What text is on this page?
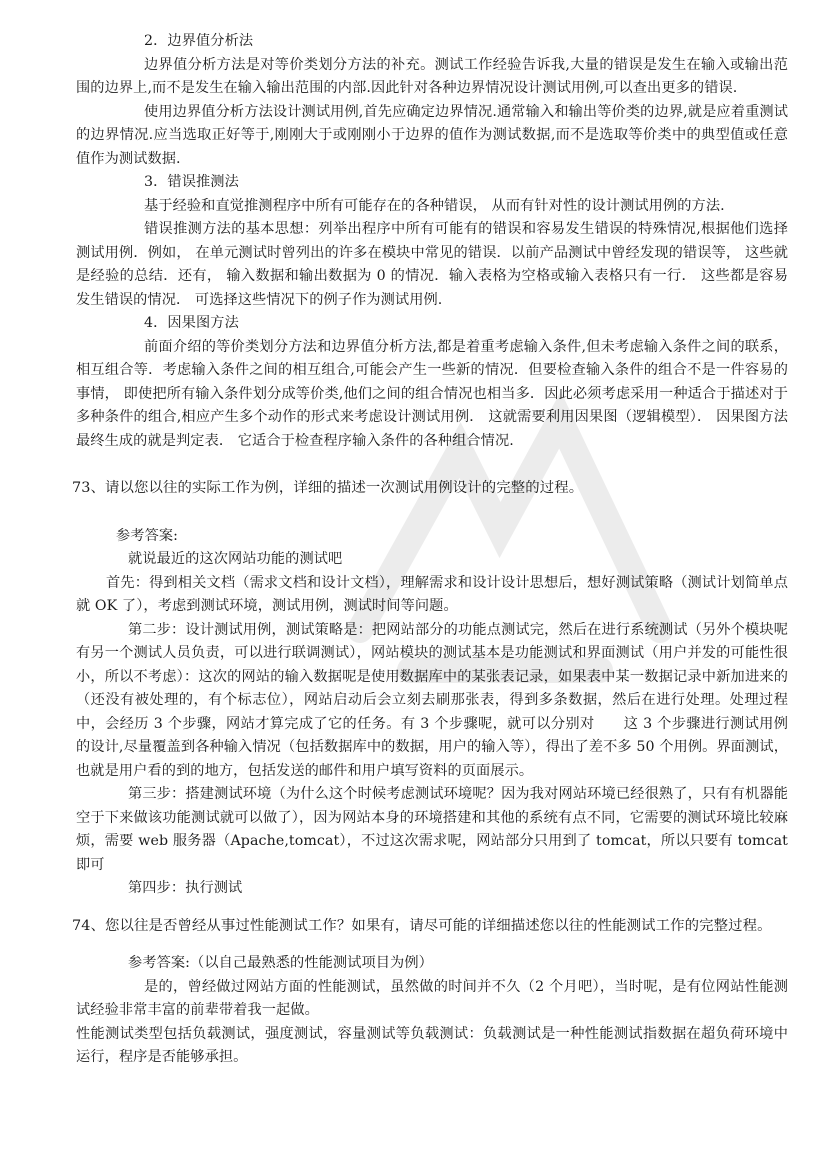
2．边界值分析法

边界值分析方法是对等价类划分方法的补充。测试工作经验告诉我,大量的错误是发生在输入或输出范围的边界上,而不是发生在输入输出范围的内部.因此针对各种边界情况设计测试用例,可以查出更多的错误.

使用边界值分析方法设计测试用例,首先应确定边界情况.通常输入和输出等价类的边界,就是应着重测试的边界情况.应当选取正好等于,刚刚大于或刚刚小于边界的值作为测试数据,而不是选取等价类中的典型值或任意值作为测试数据.

3．错误推测法

基于经验和直觉推测程序中所有可能存在的各种错误， 从而有针对性的设计测试用例的方法.

错误推测方法的基本思想：列举出程序中所有可能有的错误和容易发生错误的特殊情况,根据他们选择测试用例．例如， 在单元测试时曾列出的许多在模块中常见的错误．以前产品测试中曾经发现的错误等， 这些就是经验的总结．还有， 输入数据和输出数据为 0 的情况．输入表格为空格或输入表格只有一行． 这些都是容易发生错误的情况． 可选择这些情况下的例子作为测试用例.

4．因果图方法

前面介绍的等价类划分方法和边界值分析方法,都是着重考虑输入条件,但未考虑输入条件之间的联系， 相互组合等．考虑输入条件之间的相互组合,可能会产生一些新的情况．但要检查输入条件的组合不是一件容易的事情， 即使把所有输入条件划分成等价类,他们之间的组合情况也相当多．因此必须考虑采用一种适合于描述对于多种条件的组合,相应产生多个动作的形式来考虑设计测试用例． 这就需要利用因果图（逻辑模型）． 因果图方法最终生成的就是判定表． 它适合于检查程序输入条件的各种组合情况.

73、请以您以往的实际工作为例，详细的描述一次测试用例设计的完整的过程。

参考答案:

就说最近的这次网站功能的测试吧

首先：得到相关文档（需求文档和设计文档），理解需求和设计设计思想后，想好测试策略（测试计划简单点就 OK 了），考虑到测试环境，测试用例，测试时间等问题。

第二步：设计测试用例，测试策略是：把网站部分的功能点测试完，然后在进行系统测试（另外个模块呢有另一个测试人员负责，可以进行联调测试），网站模块的测试基本是功能测试和界面测试（用户并发的可能性很小，所以不考虑）：这次的网站的输入数据呢是使用数据库中的某张表记录，如果表中某一数据记录中新加进来的（还没有被处理的，有个标志位），网站启动后会立刻去刷那张表，得到多条数据，然后在进行处理。处理过程中，会经历 3 个步骤，网站才算完成了它的任务。有 3 个步骤呢，就可以分别对　　这 3 个步骤进行测试用例的设计,尽量覆盖到各种输入情况（包括数据库中的数据，用户的输入等），得出了差不多 50 个用例。界面测试，也就是用户看的到的地方，包括发送的邮件和用户填写资料的页面展示。

第三步：搭建测试环境（为什么这个时候考虑测试环境呢？因为我对网站环境已经很熟了，只有有机器能空于下来做该功能测试就可以做了），因为网站本身的环境搭建和其他的系统有点不同，它需要的测试环境比较麻烦，需要 web 服务器（Apache,tomcat），不过这次需求呢，网站部分只用到了 tomcat，所以只要有 tomcat 即可

第四步：执行测试

74、您以往是否曾经从事过性能测试工作？如果有，请尽可能的详细描述您以往的性能测试工作的完整过程。

参考答案:（以自己最熟悉的性能测试项目为例）

是的，曾经做过网站方面的性能测试，虽然做的时间并不久（2 个月吧），当时呢，是有位网站性能测试经验非常丰富的前辈带着我一起做。

性能测试类型包括负载测试，强度测试，容量测试等负载测试：负载测试是一种性能测试指数据在超负荷环境中运行，程序是否能够承担。
